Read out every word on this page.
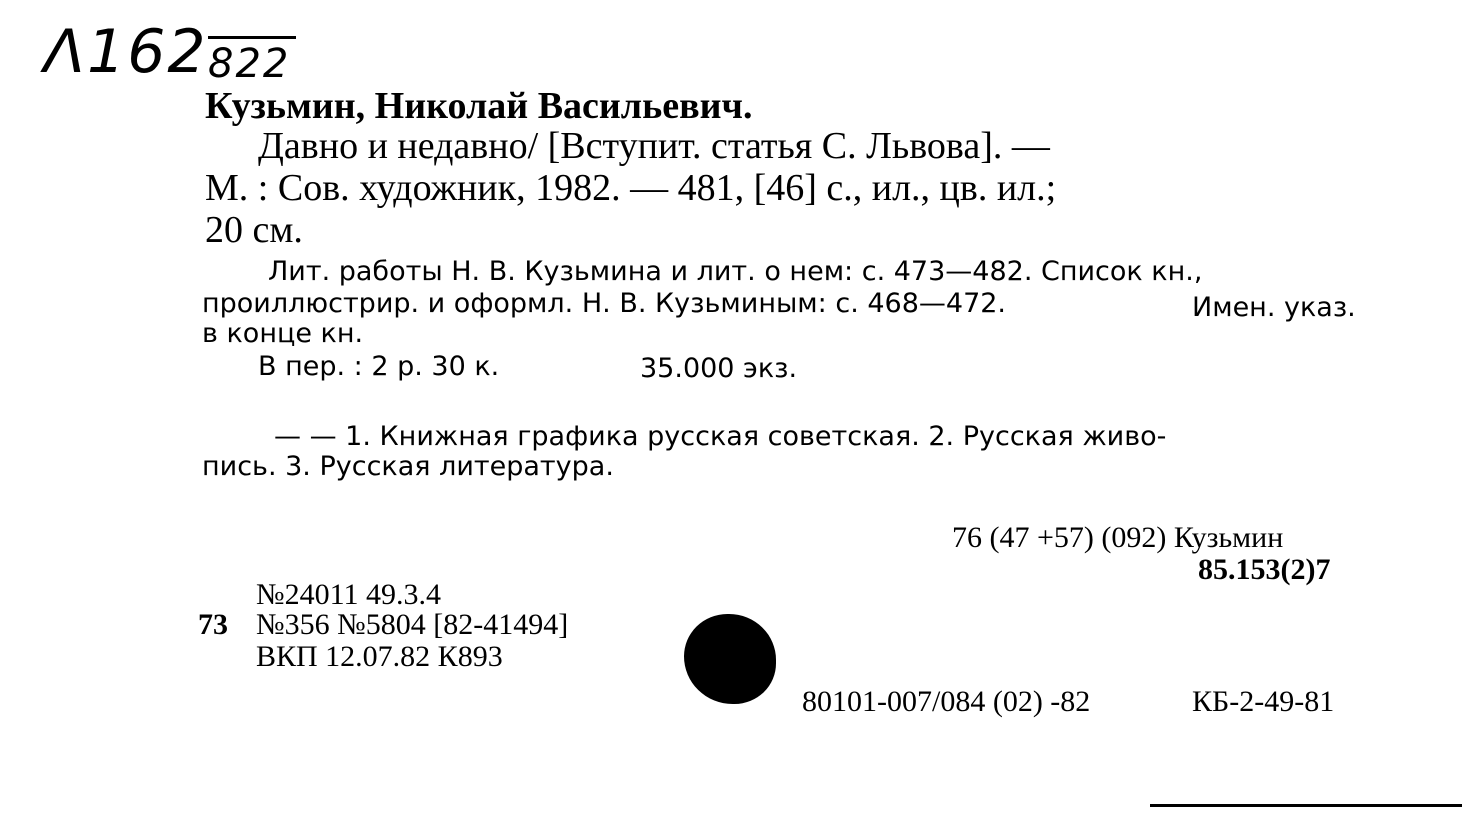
Λ162 822
Кузьмин, Николай Васильевич.
Давно и недавно/ [Вступит. статья С. Львова]. —
М. : Сов. художник, 1982. — 481, [46] с., ил., цв. ил.;
20 см.
Лит. работы Н. В. Кузьмина и лит. о нем: с. 473—482. Список кн.,
проиллюстрир. и оформл. Н. В. Кузьминым: с. 468—472.	Имен. указ.
в конце кн.
В пер. : 2 р. 30 к.	35.000 экз.
— — 1. Книжная графика русская советская. 2. Русская живо-
пись. 3. Русская литература.
76 (47 +57) (092) Кузьмин
85.153(2)7
№24011 49.3.4
73 №356 №5804 [82-41494]
ВКП 12.07.82 К893
80101-007/084 (02) -82	КБ-2-49-81
